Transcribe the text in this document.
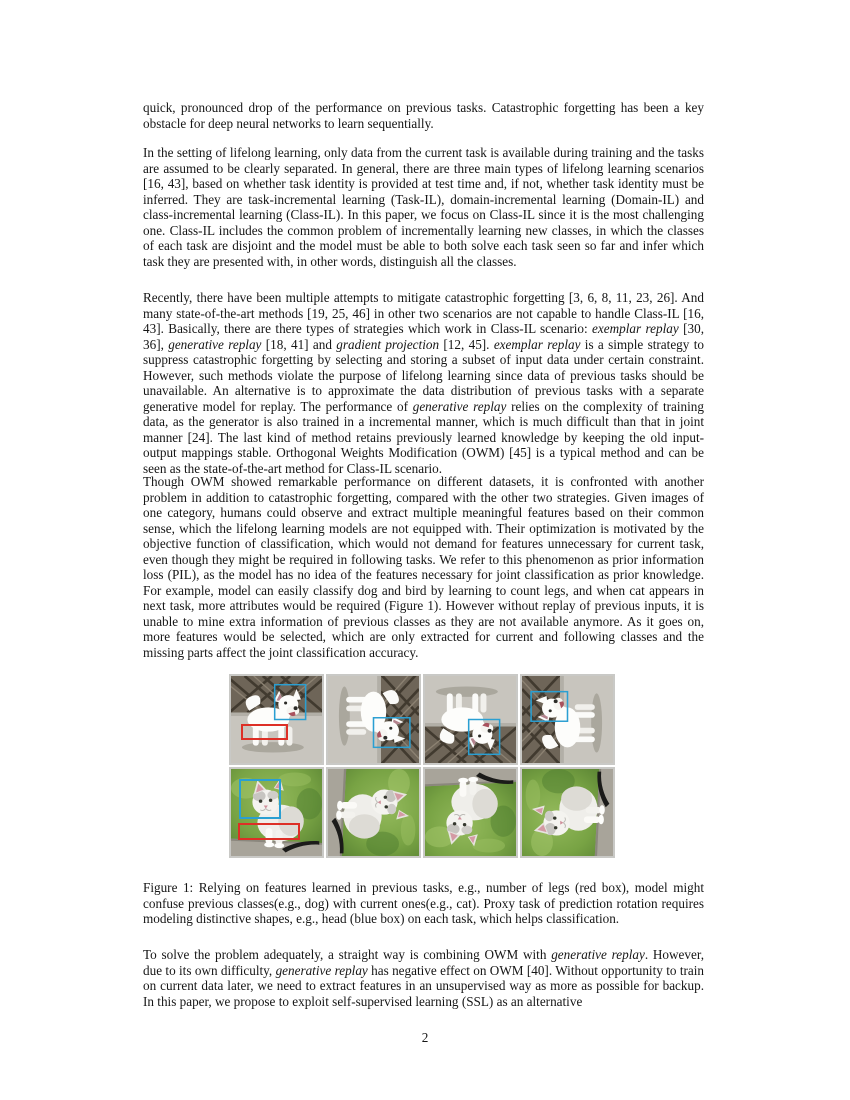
quick, pronounced drop of the performance on previous tasks. Catastrophic forgetting has been a key obstacle for deep neural networks to learn sequentially.

In the setting of lifelong learning, only data from the current task is available during training and the tasks are assumed to be clearly separated. In general, there are three main types of lifelong learning scenarios [16, 43], based on whether task identity is provided at test time and, if not, whether task identity must be inferred. They are task-incremental learning (Task-IL), domain-incremental learning (Domain-IL) and class-incremental learning (Class-IL). In this paper, we focus on Class-IL since it is the most challenging one. Class-IL includes the common problem of incrementally learning new classes, in which the classes of each task are disjoint and the model must be able to both solve each task seen so far and infer which task they are presented with, in other words, distinguish all the classes.

Recently, there have been multiple attempts to mitigate catastrophic forgetting [3, 6, 8, 11, 23, 26]. And many state-of-the-art methods [19, 25, 46] in other two scenarios are not capable to handle Class-IL [16, 43]. Basically, there are there types of strategies which work in Class-IL scenario: exemplar replay [30, 36], generative replay [18, 41] and gradient projection [12, 45]. exemplar replay is a simple strategy to suppress catastrophic forgetting by selecting and storing a subset of input data under certain constraint. However, such methods violate the purpose of lifelong learning since data of previous tasks should be unavailable. An alternative is to approximate the data distribution of previous tasks with a separate generative model for replay. The performance of generative replay relies on the complexity of training data, as the generator is also trained in a incremental manner, which is much difficult than that in joint manner [24]. The last kind of method retains previously learned knowledge by keeping the old input-output mappings stable. Orthogonal Weights Modification (OWM) [45] is a typical method and can be seen as the state-of-the-art method for Class-IL scenario.

Though OWM showed remarkable performance on different datasets, it is confronted with another problem in addition to catastrophic forgetting, compared with the other two strategies. Given images of one category, humans could observe and extract multiple meaningful features based on their common sense, which the lifelong learning models are not equipped with. Their optimization is motivated by the objective function of classification, which would not demand for features unnecessary for current task, even though they might be required in following tasks. We refer to this phenomenon as prior information loss (PIL), as the model has no idea of the features necessary for joint classification as prior knowledge. For example, model can easily classify dog and bird by learning to count legs, and when cat appears in next task, more attributes would be required (Figure 1). However without replay of previous inputs, it is unable to mine extra information of previous classes as they are not available anymore. As it goes on, more features would be selected, which are only extracted for current and following classes and the missing parts affect the joint classification accuracy.

Figure 1: Relying on features learned in previous tasks, e.g., number of legs (red box), model might confuse previous classes(e.g., dog) with current ones(e.g., cat). Proxy task of prediction rotation requires modeling distinctive shapes, e.g., head (blue box) on each task, which helps classification.

To solve the problem adequately, a straight way is combining OWM with generative replay. However, due to its own difficulty, generative replay has negative effect on OWM [40]. Without opportunity to train on current data later, we need to extract features in an unsupervised way as more as possible for backup. In this paper, we propose to exploit self-supervised learning (SSL) as an alternative

2
